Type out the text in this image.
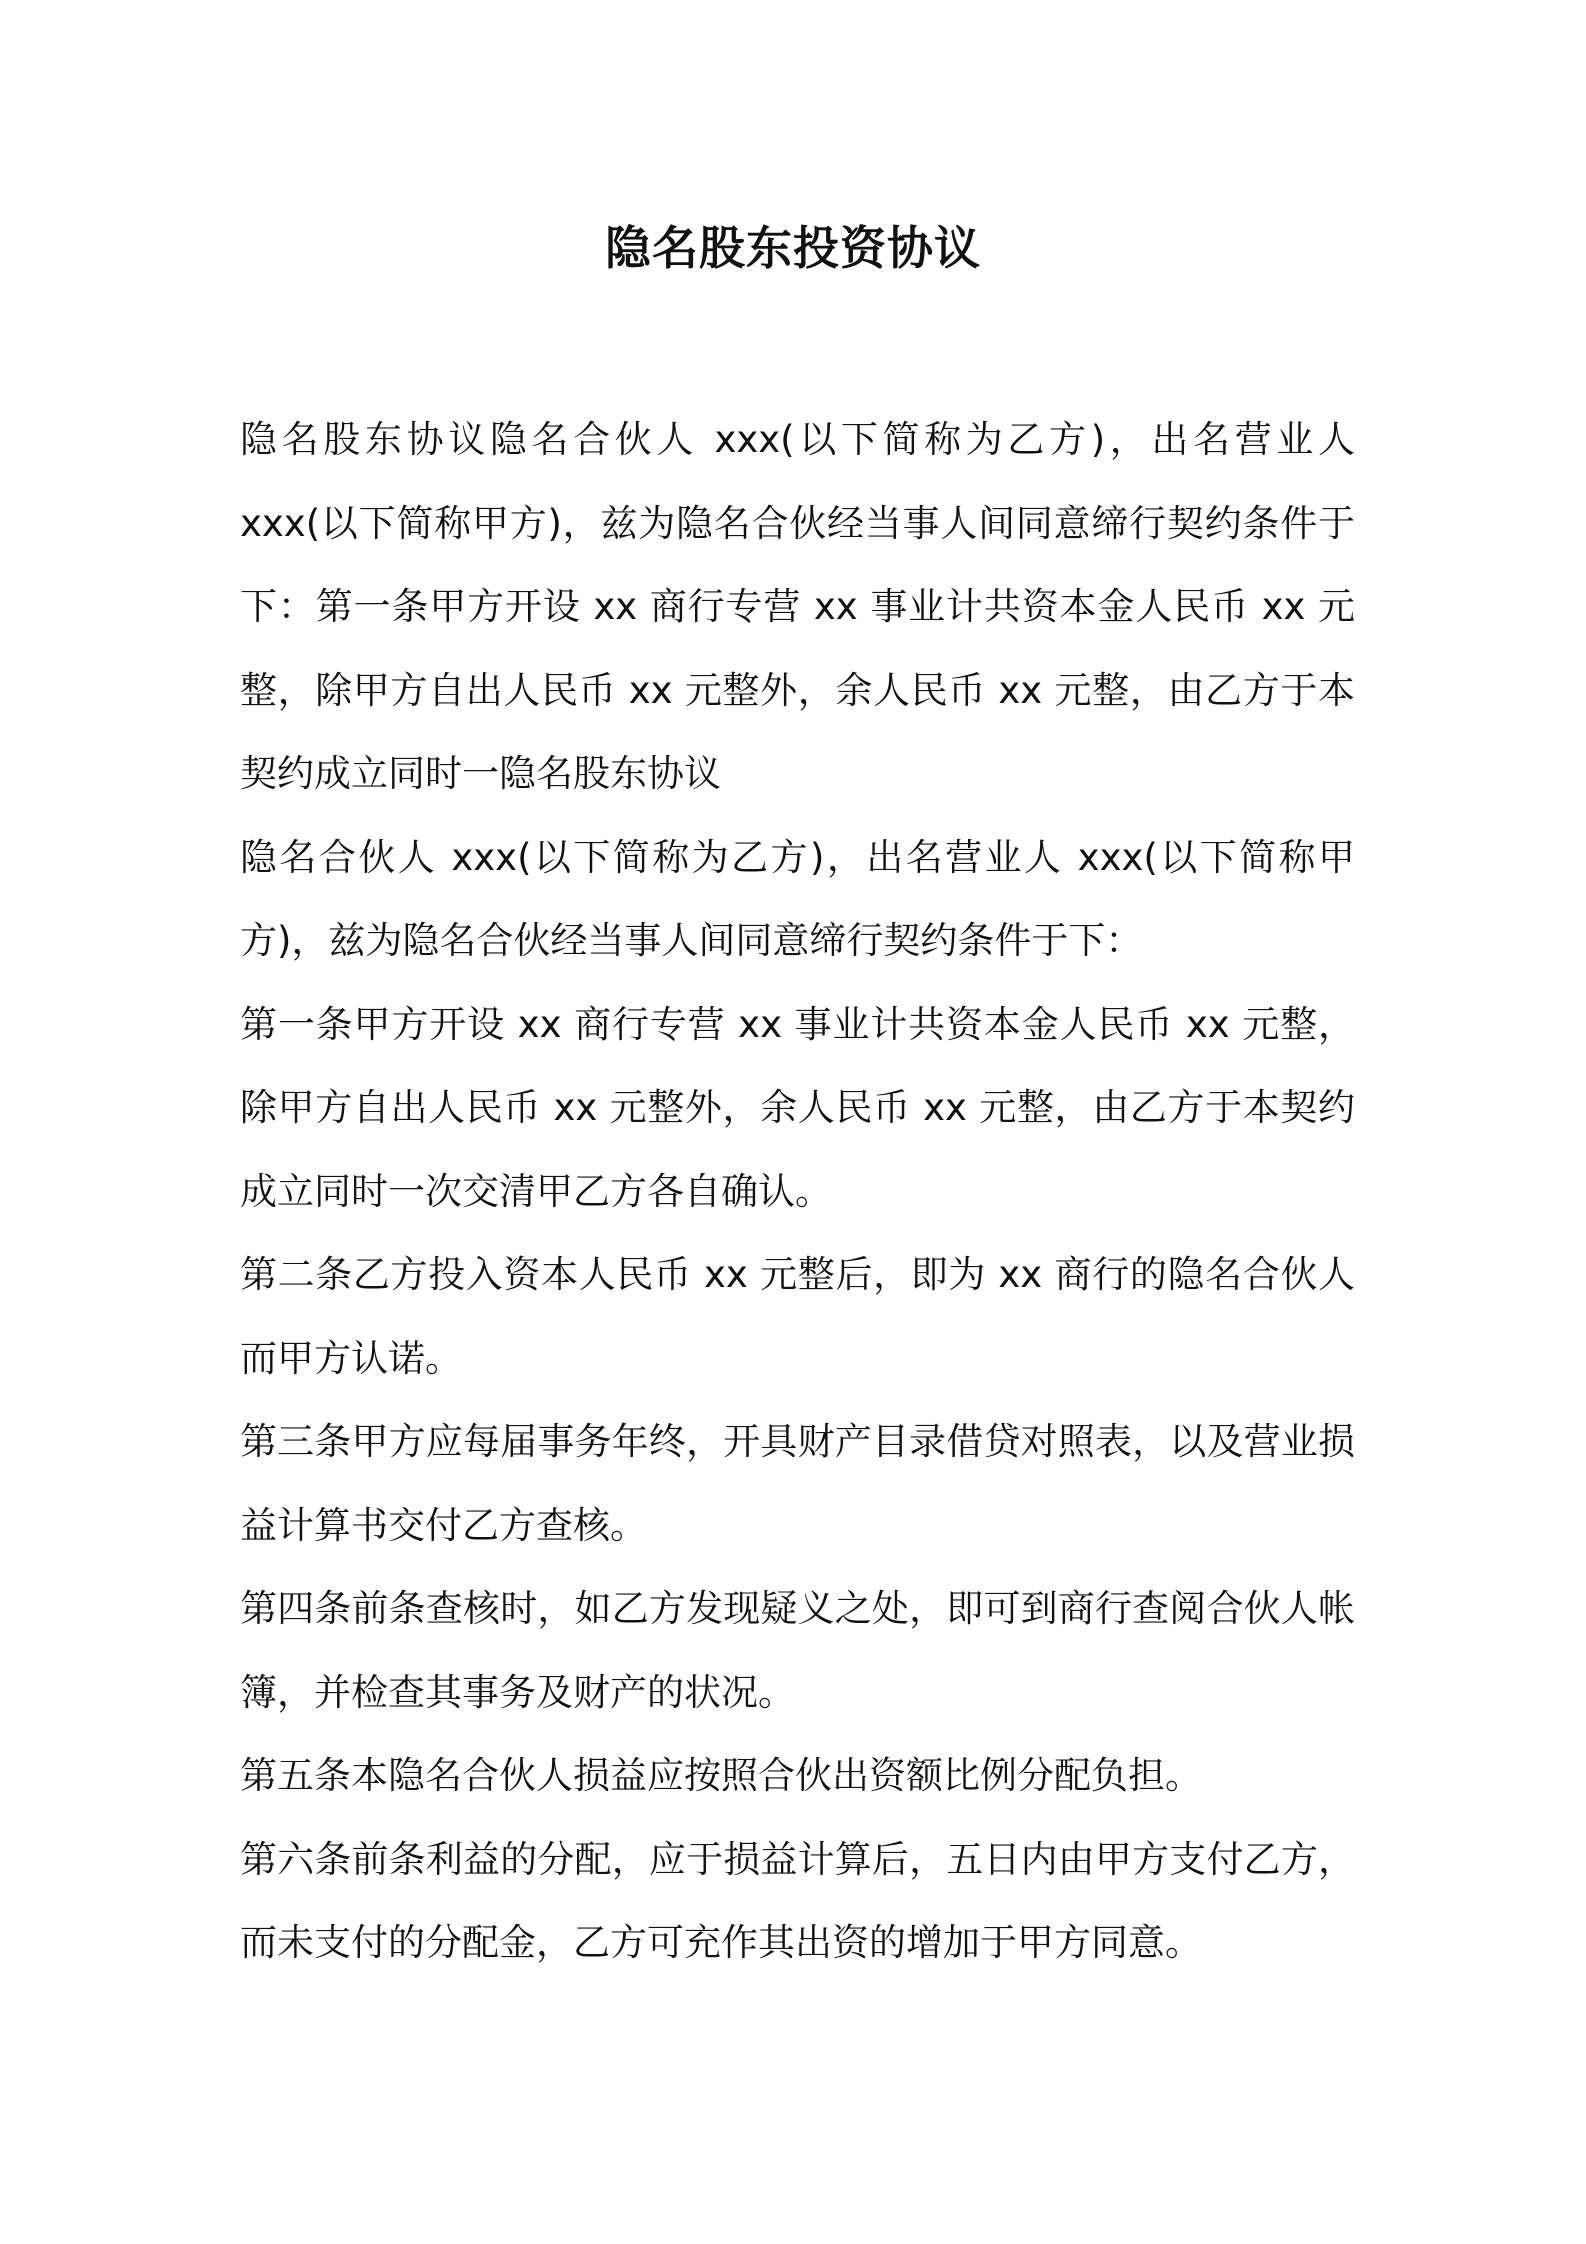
隐名股东投资协议

隐名股东协议隐名合伙人 xxx(以下简称为乙方)，出名营业人 xxx(以下简称甲方)，兹为隐名合伙经当事人间同意缔行契约条件于下：第一条甲方开设 xx 商行专营 xx 事业计共资本金人民币 xx 元整，除甲方自出人民币 xx 元整外，余人民币 xx 元整，由乙方于本契约成立同时一隐名股东协议

隐名合伙人 xxx(以下简称为乙方)，出名营业人 xxx(以下简称甲方)，兹为隐名合伙经当事人间同意缔行契约条件于下：

第一条甲方开设 xx 商行专营 xx 事业计共资本金人民币 xx 元整，除甲方自出人民币 xx 元整外，余人民币 xx 元整，由乙方于本契约成立同时一次交清甲乙方各自确认。

第二条乙方投入资本人民币 xx 元整后，即为 xx 商行的隐名合伙人而甲方认诺。

第三条甲方应每届事务年终，开具财产目录借贷对照表，以及营业损益计算书交付乙方查核。

第四条前条查核时，如乙方发现疑义之处，即可到商行查阅合伙人帐簿，并检查其事务及财产的状况。

第五条本隐名合伙人损益应按照合伙出资额比例分配负担。

第六条前条利益的分配，应于损益计算后，五日内由甲方支付乙方，而未支付的分配金，乙方可充作其出资的增加于甲方同意。
